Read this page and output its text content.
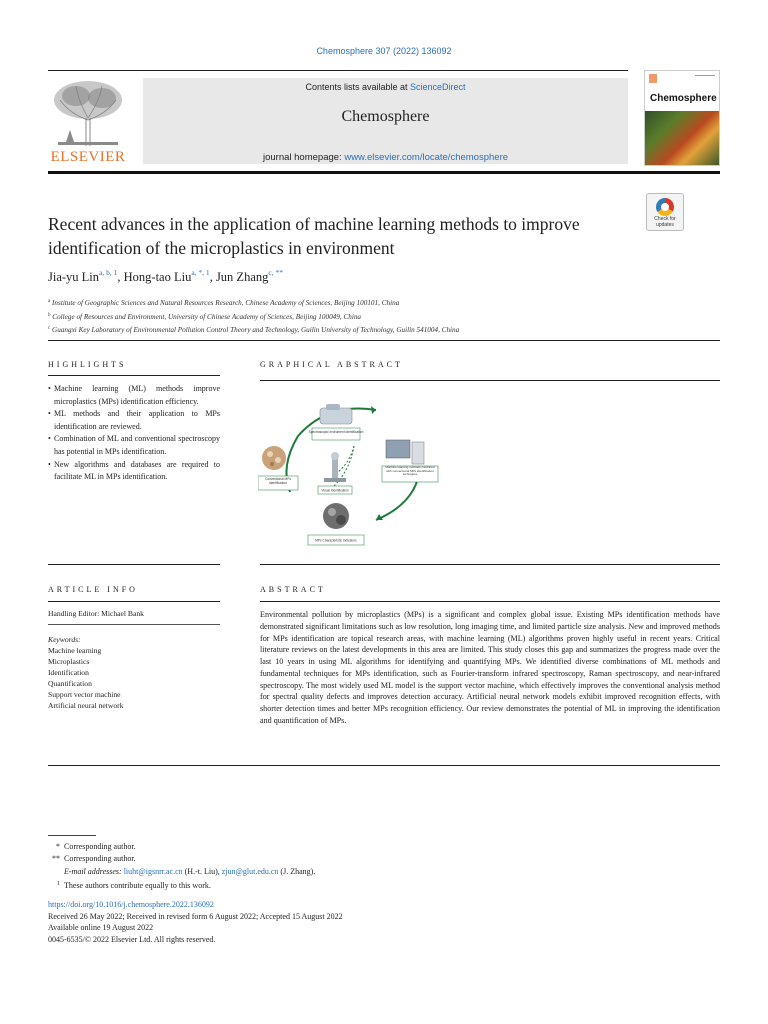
Chemosphere 307 (2022) 136092
ELSEVIER
Contents lists available at ScienceDirect
Chemosphere
journal homepage: www.elsevier.com/locate/chemosphere
Chemosphere
Recent advances in the application of machine learning methods to improve identification of the microplastics in environment
Check for updates
Jia-yu Lin$^{a, b, 1}$, Hong-tao Liu$^{a, *, 1}$, Jun Zhang$^{c, **}$
$^a$ Institute of Geographic Sciences and Natural Resources Research, Chinese Academy of Sciences, Beijing 100101, China
$^b$ College of Resources and Environment, University of Chinese Academy of Sciences, Beijing 100049, China
$^c$ Guangxi Key Laboratory of Environmental Pollution Control Theory and Technology, Guilin University of Technology, Guilin 541004, China
HIGHLIGHTS
• Machine learning (ML) methods improve microplastics (MPs) identification efficiency.
• ML methods and their application to MPs identification are reviewed.
• Combination of ML and conventional spectroscopy has potential in MPs identification.
• New algorithms and databases are required to facilitate ML in MPs identification.
GRAPHICAL ABSTRACT
Spectroscopic Instrument Identification
Machine learning methods combined with conventional MPs identification techniques
Conventional MPs identification
Visual Identification
MPs Characteristic Indicators
ARTICLE INFO
Handling Editor: Michael Bank
Keywords:
Machine learning
Microplastics
Identification
Quantification
Support vector machine
Artificial neural network
ABSTRACT

Environmental pollution by microplastics (MPs) is a significant and complex global issue. Existing MPs identification methods have demonstrated significant limitations such as low resolution, long imaging time, and limited particle size analysis. New and improved methods for MPs identification are topical research areas, with machine learning (ML) algorithms proven highly useful in recent years. Critical literature reviews on the latest developments in this area are limited. This study closes this gap and summarizes the progress made over the last 10 years in using ML algorithms for identifying and quantifying MPs. We identified diverse combinations of ML methods and fundamental techniques for MPs identification, such as Fourier-transform infrared spectroscopy, Raman spectroscopy, and near-infrared spectroscopy. The most widely used ML model is the support vector machine, which effectively improves the conventional analysis method for spectral quality defects and improves detection accuracy. Artificial neural network models exhibit improved recognition effects, with shorter detection times and better MPs recognition efficiency. Our review demonstrates the potential of ML in improving the identification and quantification of MPs.

* Corresponding author.
** Corresponding author.
E-mail addresses: liuht@igsnrr.ac.cn (H.-t. Liu), zjun@glut.edu.cn (J. Zhang).
1 These authors contribute equally to this work.
https://doi.org/10.1016/j.chemosphere.2022.136092
Received 26 May 2022; Received in revised form 6 August 2022; Accepted 15 August 2022
Available online 19 August 2022
0045-6535/© 2022 Elsevier Ltd. All rights reserved.
